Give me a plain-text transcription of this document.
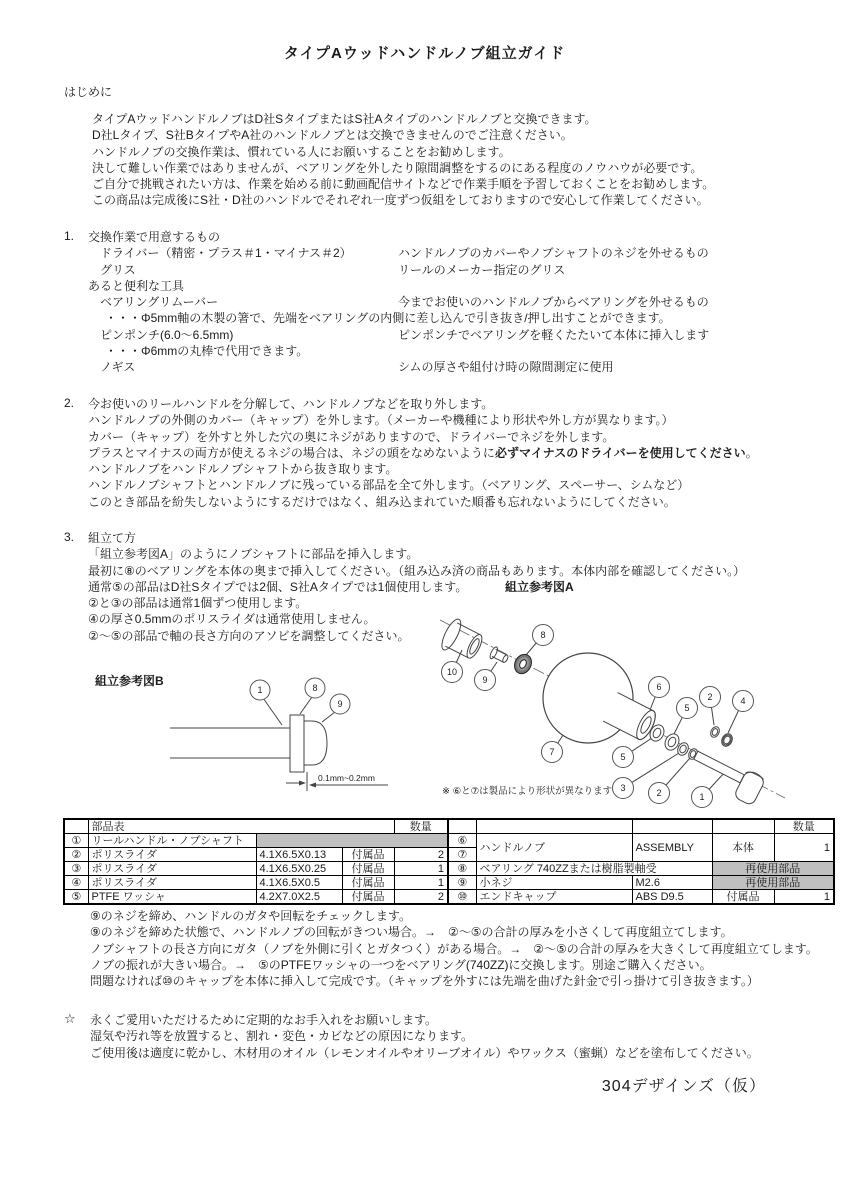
タイプAウッドハンドルノブ組立ガイド
はじめに
タイプAウッドハンドルノブはD社SタイプまたはS社Aタイプのハンドルノブと交換できます。
D社Lタイプ、S社BタイプやA社のハンドルノブとは交換できませんのでご注意ください。
ハンドルノブの交換作業は、慣れている人にお願いすることをお勧めします。
決して難しい作業ではありませんが、ベアリングを外したり隙間調整をするのにある程度のノウハウが必要です。
ご自分で挑戦されたい方は、作業を始める前に動画配信サイトなどで作業手順を予習しておくことをお勧めします。
この商品は完成後にS社・D社のハンドルでそれぞれ一度ずつ仮組をしておりますので安心して作業してください。
1. 交換作業で用意するもの
ドライバー（精密・プラス＃1・マイナス＃2）	ハンドルノブのカバーやノブシャフトのネジを外せるもの
グリス	リールのメーカー指定のグリス
あると便利な工具
ベアリングリムーバー	今までお使いのハンドルノブからベアリングを外せるもの
・・・Φ5mm軸の木製の箸で、先端をベアリングの内側に差し込んで引き抜き/押し出すことができます。
ピンポンチ(6.0～6.5mm)	ピンポンチでベアリングを軽くたたいて本体に挿入します
・・・Φ6mmの丸棒で代用できます。
ノギス	シムの厚さや組付け時の隙間測定に使用
2. 今お使いのリールハンドルを分解して、ハンドルノブなどを取り外します。
ハンドルノブの外側のカバー（キャップ）を外します。（メーカーや機種により形状や外し方が異なります。）
カバー（キャップ）を外すと外した穴の奥にネジがありますので、ドライバーでネジを外します。
プラスとマイナスの両方が使えるネジの場合は、ネジの頭をなめないように必ずマイナスのドライバーを使用してください。
ハンドルノブをハンドルノブシャフトから抜き取ります。
ハンドルノブシャフトとハンドルノブに残っている部品を全て外します。（ベアリング、スペーサー、シムなど）
このとき部品を紛失しないようにするだけではなく、組み込まれていた順番も忘れないようにしてください。
3. 組立て方
「組立参考図A」のようにノブシャフトに部品を挿入します。
最初に⑧のベアリングを本体の奥まで挿入してください。（組み込み済の商品もあります。本体内部を確認してください。）
通常⑤の部品はD社Sタイプでは2個、S社Aタイプでは1個使用します。	組立参考図A
②と③の部品は通常1個ずつ使用します。
④の厚さ0.5mmのポリスライダは通常使用しません。
②～⑤の部品で軸の長さ方向のアソビを調整してください。
組立参考図B
0.1mm~0.2mm
1	8
9
10
9
8
6
2	4
5
7	5
3	2	1
※ ⑥と⑦は製品により形状が異なります
	部品表			数量
①	リールハンドル・ノブシャフト			
②	ポリスライダ	4.1X6.5X0.13	付属品	2
③	ポリスライダ	4.1X6.5X0.25	付属品	1
④	ポリスライダ	4.1X6.5X0.5	付属品	1
⑤	PTFE ワッシャ	4.2X7.0X2.5	付属品	2
				数量
⑥	ハンドルノブ	ASSEMBLY	本体	1
⑦				
⑧	ベアリング 740ZZまたは樹脂製軸受		再使用部品	
⑨	小ネジ	M2.6	再使用部品	
⑩	エンドキャップ	ABS D9.5	付属品	1
⑨のネジを締め、ハンドルのガタや回転をチェックします。
⑨のネジを締めた状態で、ハンドルノブの回転がきつい場合。→　②～⑤の合計の厚みを小さくして再度組立てします。
ノブシャフトの長さ方向にガタ（ノブを外側に引くとガタつく）がある場合。→　②～⑤の合計の厚みを大きくして再度組立てします。
ノブの振れが大きい場合。→　⑤のPTFEワッシャの一つをベアリング(740ZZ)に交換します。別途ご購入ください。
問題なければ⑩のキャップを本体に挿入して完成です。（キャップを外すには先端を曲げた針金で引っ掛けて引き抜きます。）
☆ 永くご愛用いただけるために定期的なお手入れをお願いします。
湿気や汚れ等を放置すると、割れ・変色・カビなどの原因になります。
ご使用後は適度に乾かし、木材用のオイル（レモンオイルやオリーブオイル）やワックス（蜜蝋）などを塗布してください。
304デザインズ（仮）
